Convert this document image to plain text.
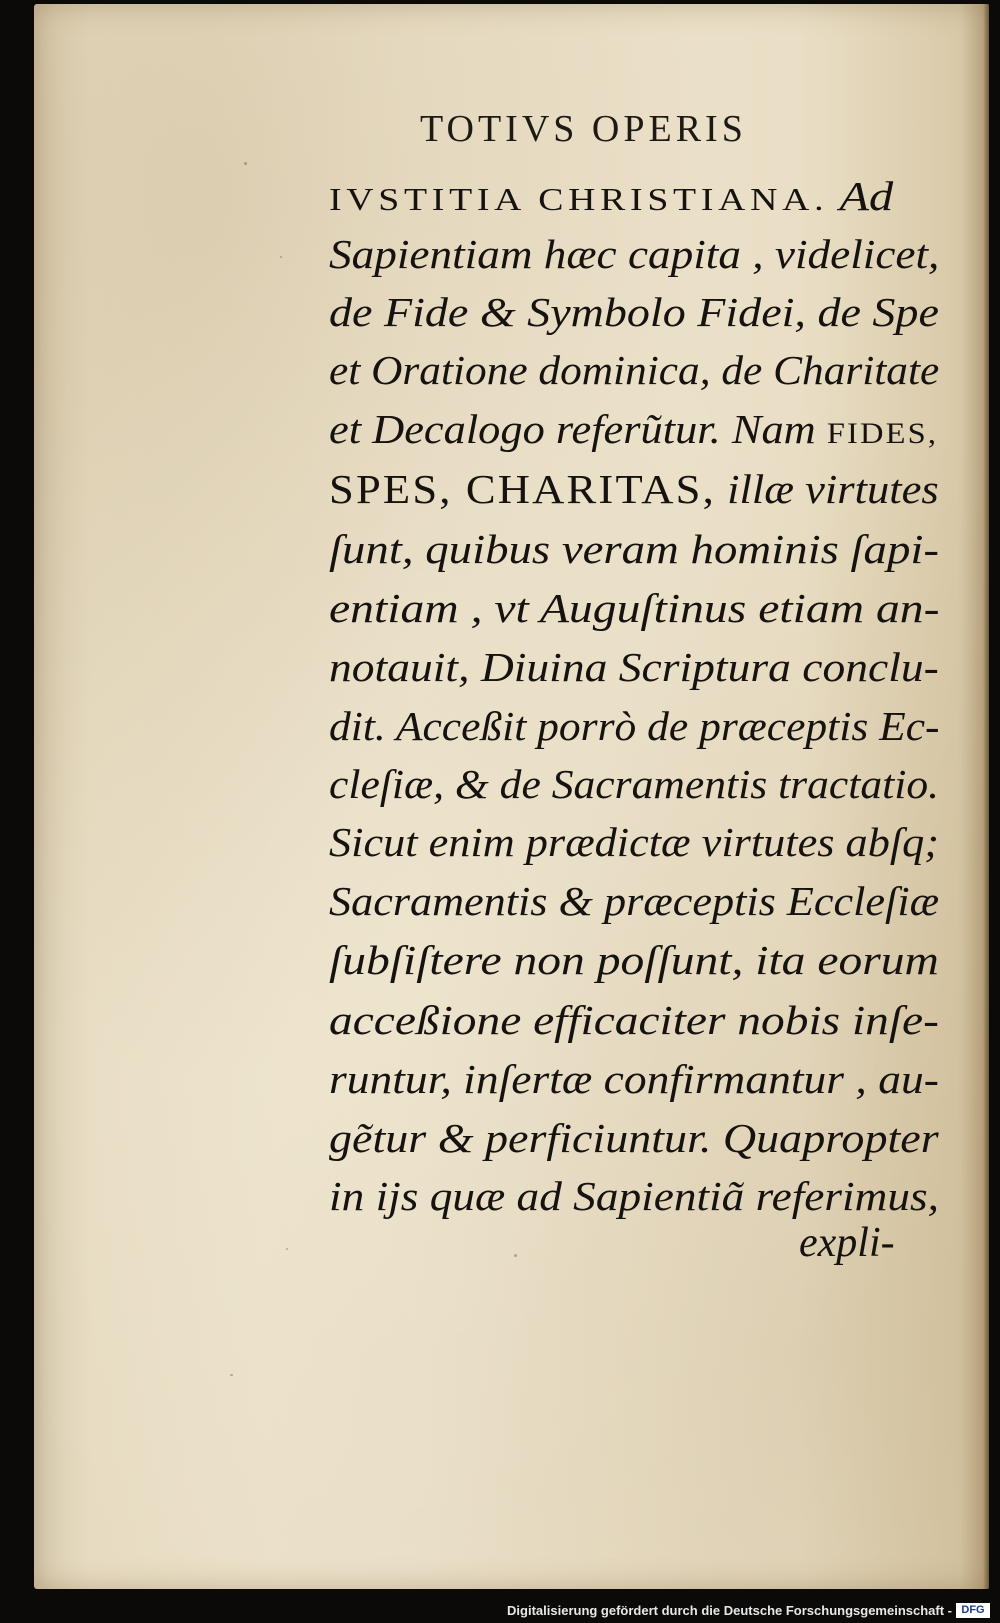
TOTIVS OPERIS
IVSTITIA CHRISTIANA. Ad
Sapientiam hæc capita , videlicet,
de Fide & Symbolo Fidei, de Spe
et Oratione dominica, de Charitate
et Decalogo referũtur. Nam FIDES,
SPES, CHARITAS, illæ virtutes
ſunt, quibus veram hominis ſapi-
entiam , vt Auguſtinus etiam an-
notauit, Diuina Scriptura conclu-
dit. Acceßit porrò de præceptis Ec-
cleſiæ, & de Sacramentis tractatio.
Sicut enim prædictæ virtutes abſq;
Sacramentis & præceptis Eccleſiæ
ſubſiſtere non poſſunt, ita eorum
acceßione efficaciter nobis inſe-
runtur, inſertæ confirmantur , au-
gẽtur & perficiuntur. Quapropter
in ijs quæ ad Sapientiã referimus,
expli-
Digitalisierung gefördert durch die Deutsche Forschungsgemeinschaft - DFG
